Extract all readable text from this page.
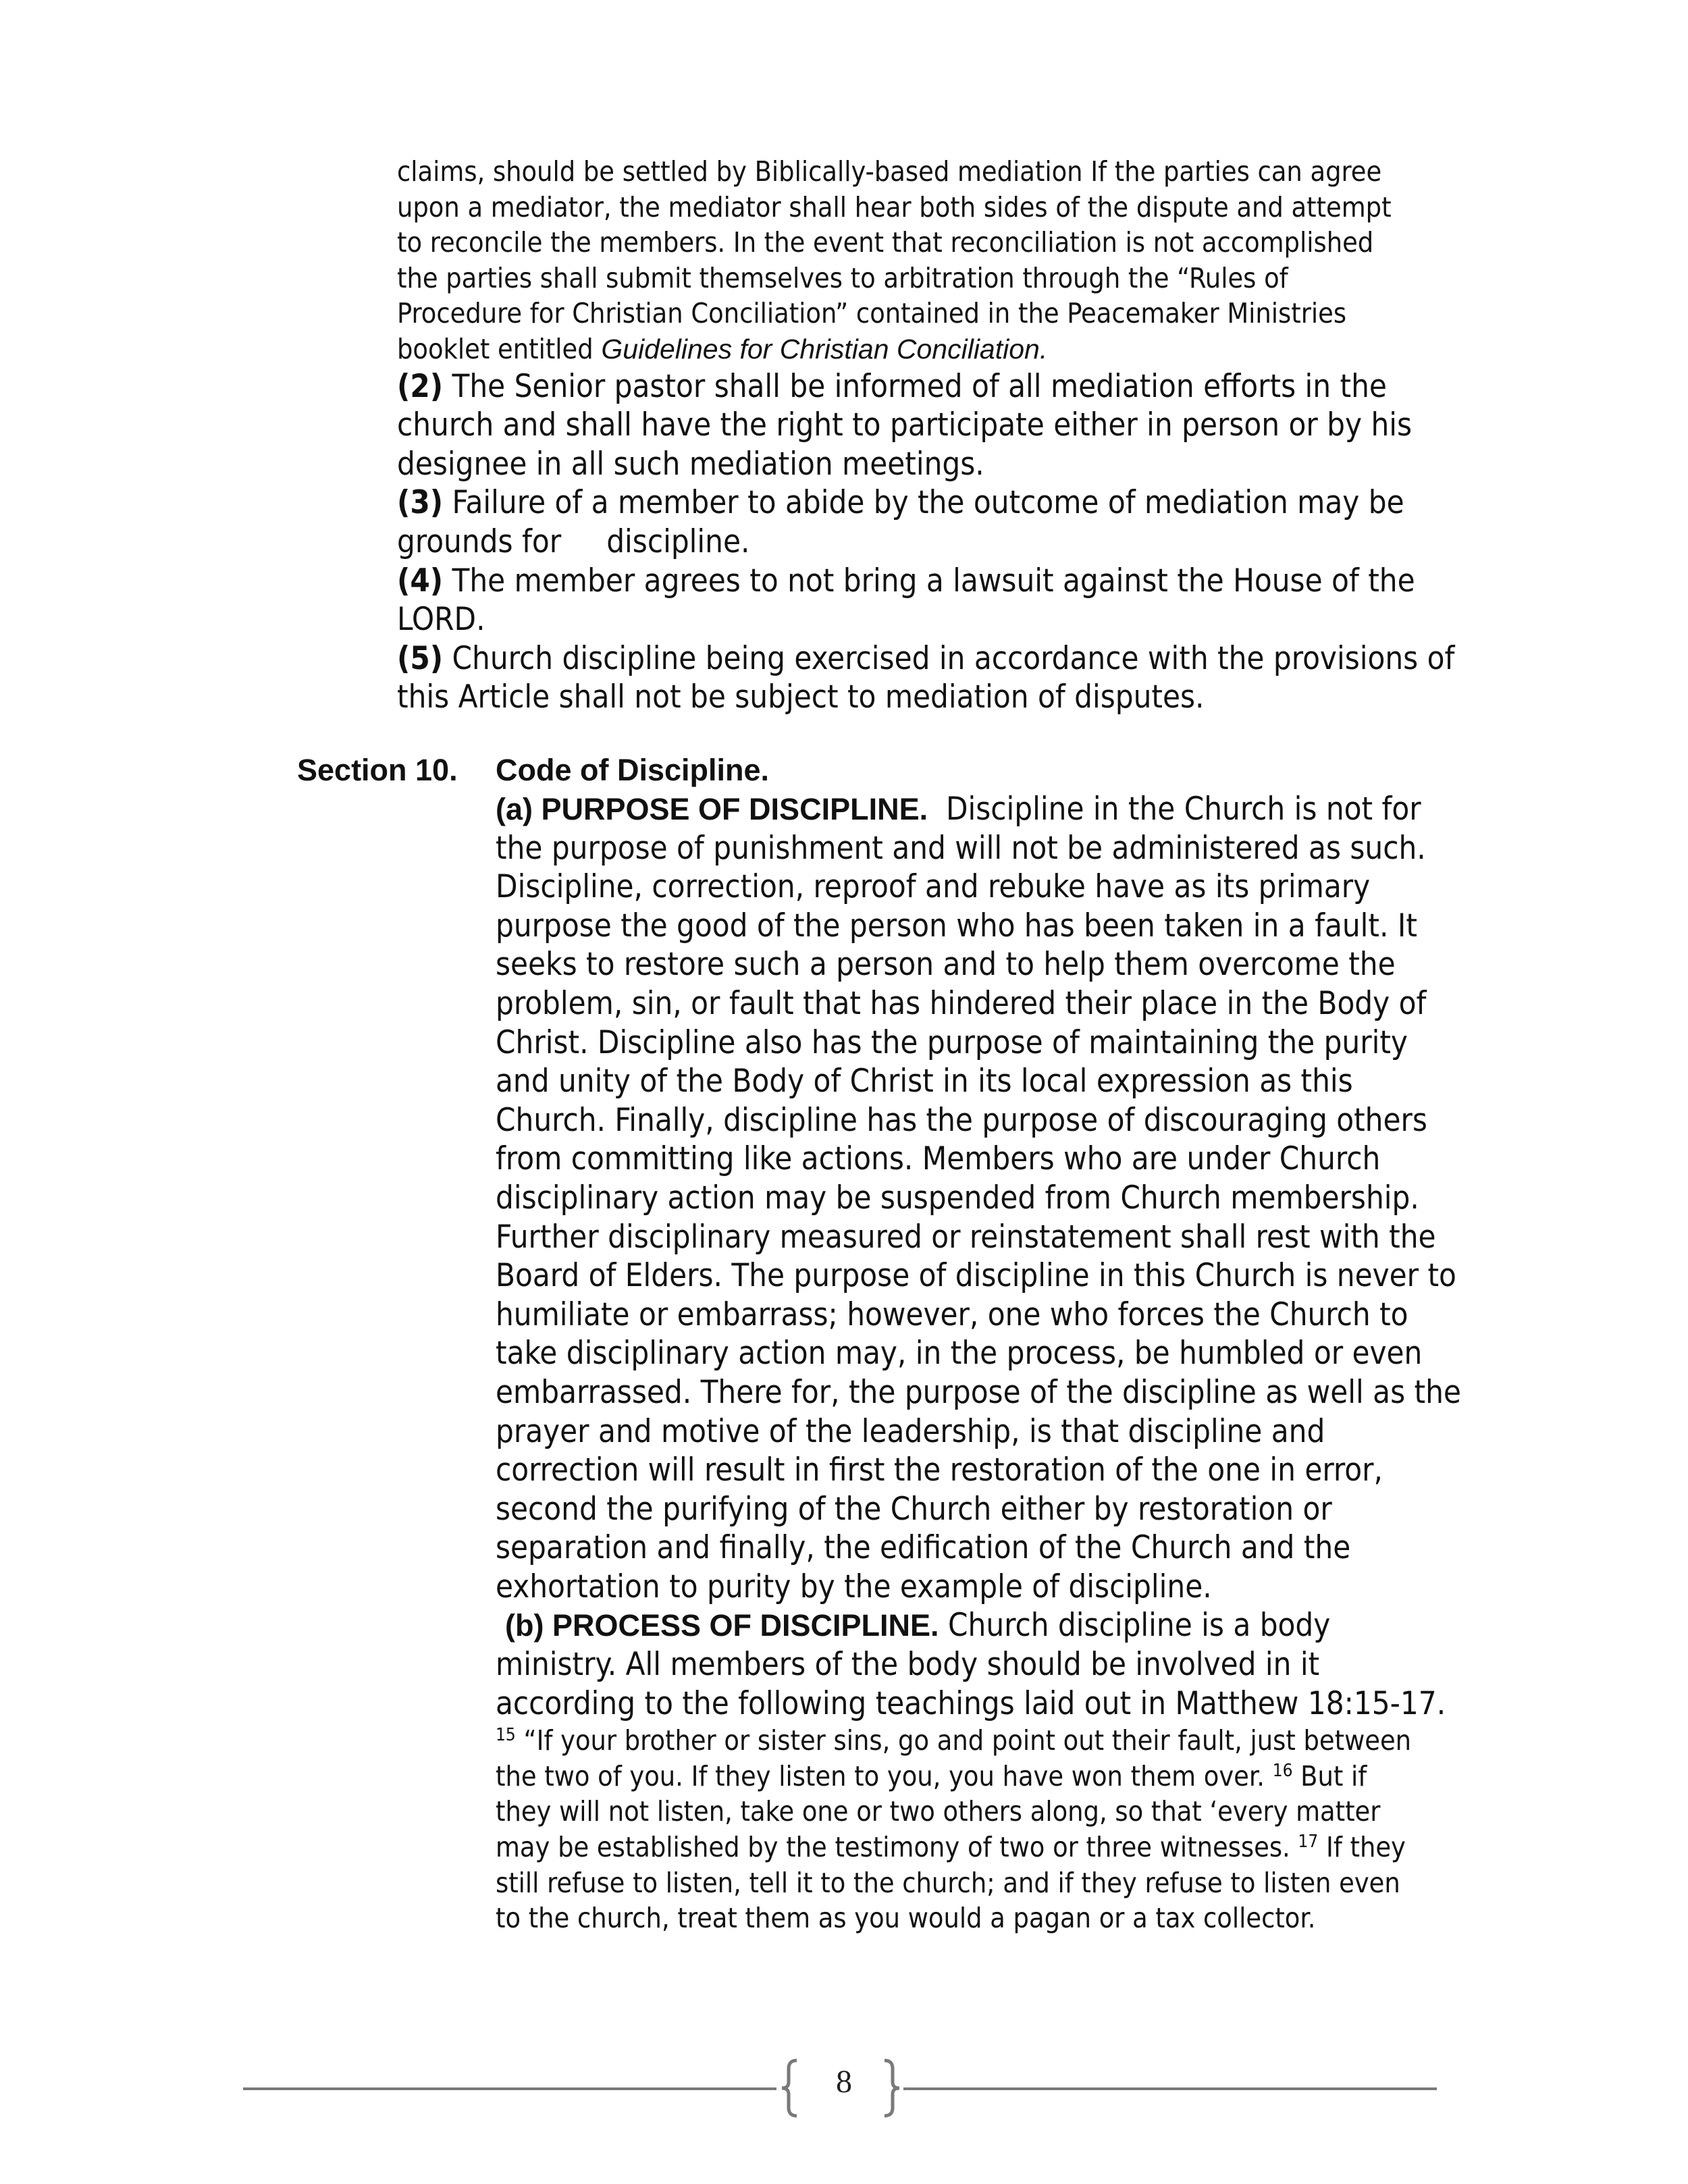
claims, should be settled by Biblically-based mediation If the parties can agree
upon a mediator, the mediator shall hear both sides of the dispute and attempt
to reconcile the members. In the event that reconciliation is not accomplished
the parties shall submit themselves to arbitration through the “Rules of
Procedure for Christian Conciliation” contained in the Peacemaker Ministries
booklet entitled Guidelines for Christian Conciliation.
(2) The Senior pastor shall be informed of all mediation efforts in the
church and shall have the right to participate either in person or by his
designee in all such mediation meetings.
(3) Failure of a member to abide by the outcome of mediation may be
grounds for     discipline.
(4) The member agrees to not bring a lawsuit against the House of the
LORD.
(5) Church discipline being exercised in accordance with the provisions of
this Article shall not be subject to mediation of disputes.
Section 10. Code of Discipline.
(a) PURPOSE OF DISCIPLINE.  Discipline in the Church is not for
the purpose of punishment and will not be administered as such.
Discipline, correction, reproof and rebuke have as its primary
purpose the good of the person who has been taken in a fault. It
seeks to restore such a person and to help them overcome the
problem, sin, or fault that has hindered their place in the Body of
Christ. Discipline also has the purpose of maintaining the purity
and unity of the Body of Christ in its local expression as this
Church. Finally, discipline has the purpose of discouraging others
from committing like actions. Members who are under Church
disciplinary action may be suspended from Church membership.
Further disciplinary measured or reinstatement shall rest with the
Board of Elders. The purpose of discipline in this Church is never to
humiliate or embarrass; however, one who forces the Church to
take disciplinary action may, in the process, be humbled or even
embarrassed. There for, the purpose of the discipline as well as the
prayer and motive of the leadership, is that discipline and
correction will result in first the restoration of the one in error,
second the purifying of the Church either by restoration or
separation and finally, the edification of the Church and the
exhortation to purity by the example of discipline.
(b) PROCESS OF DISCIPLINE. Church discipline is a body
ministry. All members of the body should be involved in it
according to the following teachings laid out in Matthew 18:15-17.
$^{15}$ “If your brother or sister sins, go and point out their fault, just between
the two of you. If they listen to you, you have won them over. $^{16}$ But if
they will not listen, take one or two others along, so that ‘every matter
may be established by the testimony of two or three witnesses. $^{17}$ If they
still refuse to listen, tell it to the church; and if they refuse to listen even
to the church, treat them as you would a pagan or a tax collector.
8
